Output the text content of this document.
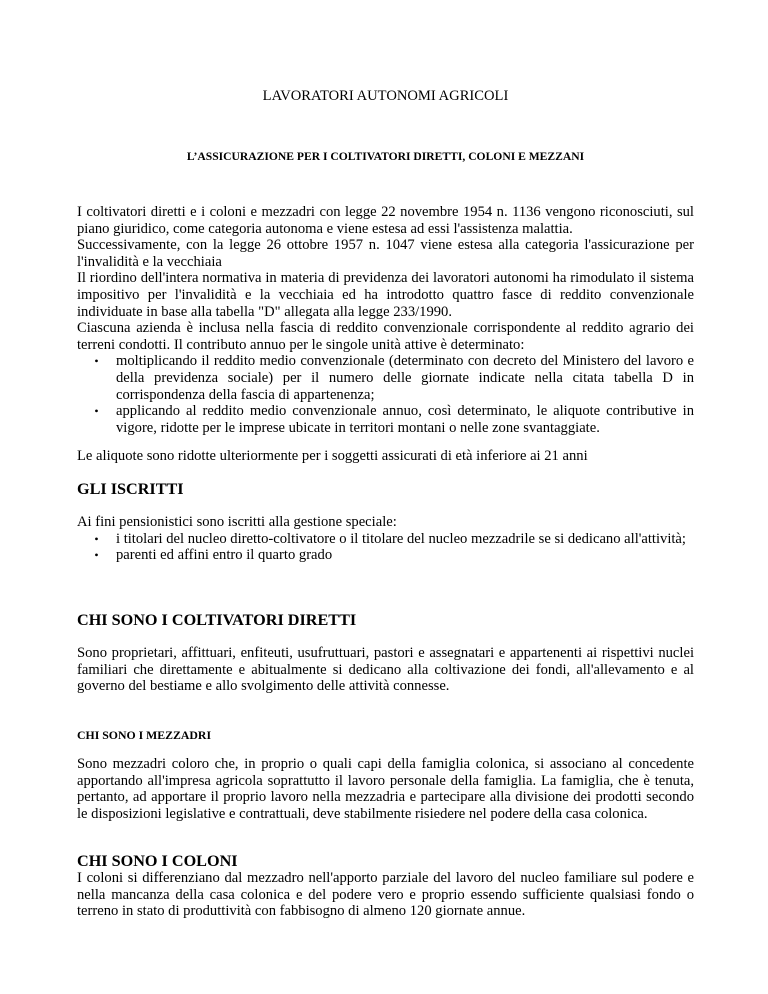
LAVORATORI AUTONOMI AGRICOLI
L’ASSICURAZIONE PER I COLTIVATORI DIRETTI, COLONI E MEZZANI

I coltivatori diretti e i coloni e mezzadri con legge 22 novembre 1954 n. 1136 vengono riconosciuti, sul piano giuridico, come categoria autonoma e viene estesa ad essi l'assistenza malattia.

Successivamente, con la legge 26 ottobre 1957 n. 1047 viene estesa alla categoria l'assicurazione per l'invalidità e la vecchiaia

Il riordino dell'intera normativa in materia di previdenza dei lavoratori autonomi ha rimodulato il sistema impositivo per l'invalidità e la vecchiaia ed ha introdotto quattro fasce di reddito convenzionale individuate in base alla tabella "D" allegata alla legge 233/1990.

Ciascuna azienda è inclusa nella fascia di reddito convenzionale corrispondente al reddito agrario dei terreni condotti. Il contributo annuo per le singole unità attive è determinato:

•	moltiplicando il reddito medio convenzionale (determinato con decreto del Ministero del lavoro e della previdenza sociale) per il numero delle giornate indicate nella citata tabella D in corrispondenza della fascia di appartenenza;
•	applicando al reddito medio convenzionale annuo, così determinato, le aliquote contributive in vigore, ridotte per le imprese ubicate in territori montani o nelle zone svantaggiate.
Le aliquote sono ridotte ulteriormente per i soggetti assicurati di età inferiore ai 21 anni
GLI ISCRITTI

Ai fini pensionistici sono iscritti alla gestione speciale:

•	i titolari del nucleo diretto-coltivatore o il titolare del nucleo mezzadrile se si dedicano all'attività;
•	parenti ed affini entro il quarto grado
CHI SONO I COLTIVATORI DIRETTI
Sono proprietari, affittuari, enfiteuti, usufruttuari, pastori e assegnatari e appartenenti ai rispettivi nuclei familiari che direttamente e abitualmente si dedicano alla coltivazione dei fondi, all'allevamento e al governo del bestiame e allo svolgimento delle attività connesse.
CHI SONO I MEZZADRI
Sono mezzadri coloro che, in proprio o quali capi della famiglia colonica, si associano al concedente apportando all'impresa agricola soprattutto il lavoro personale della famiglia. La famiglia, che è tenuta, pertanto, ad apportare il proprio lavoro nella mezzadria e partecipare alla divisione dei prodotti secondo le disposizioni legislative e contrattuali, deve stabilmente risiedere nel podere della casa colonica.
CHI SONO I COLONI
I coloni si differenziano dal mezzadro nell'apporto parziale del lavoro del nucleo familiare sul podere e nella mancanza della casa colonica e del podere vero e proprio essendo sufficiente qualsiasi fondo o terreno in stato di produttività con fabbisogno di almeno 120 giornate annue.
